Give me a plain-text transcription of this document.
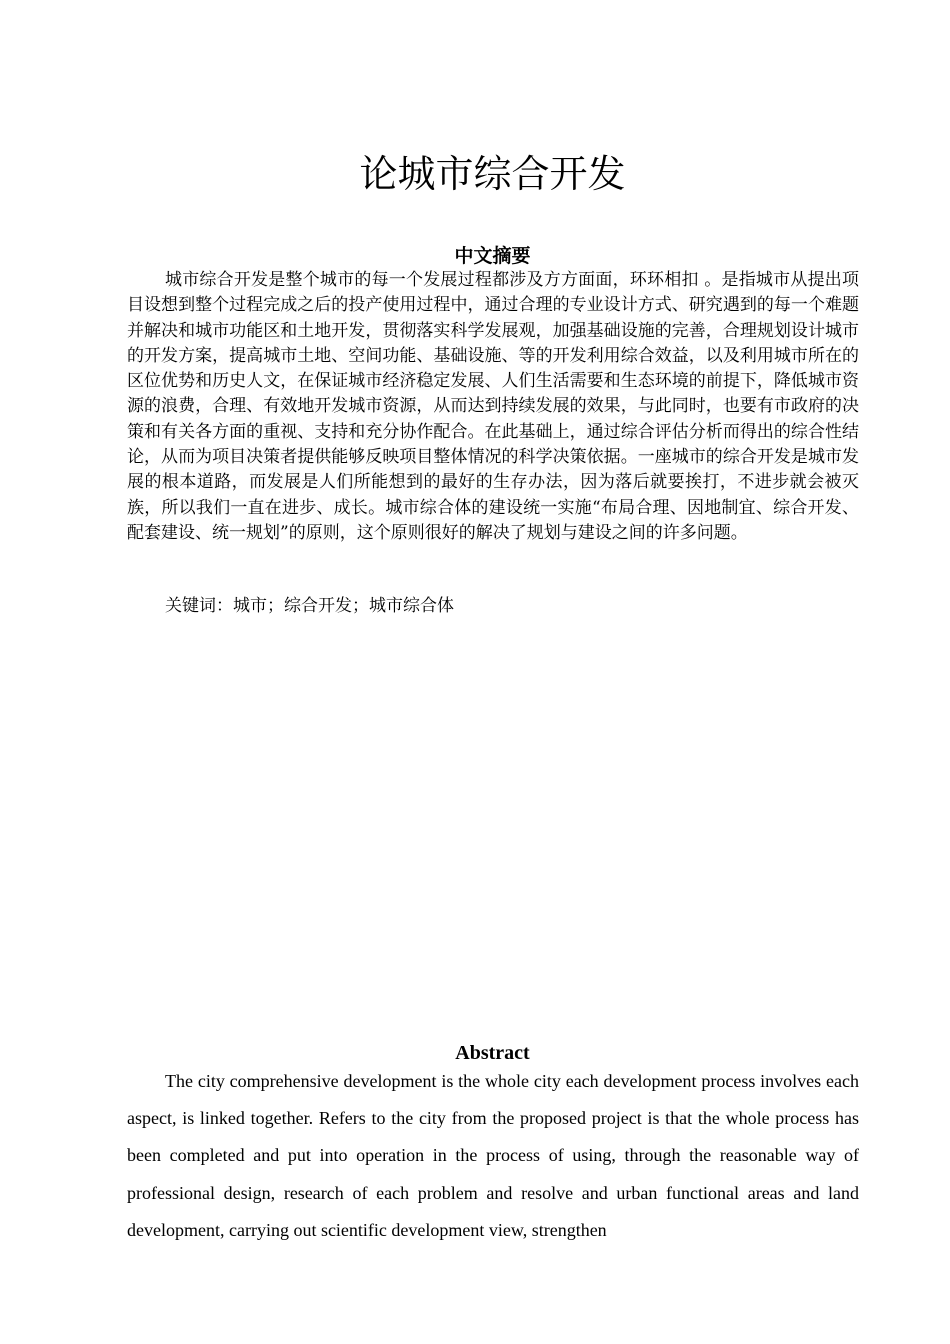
论城市综合开发
中文摘要

城市综合开发是整个城市的每一个发展过程都涉及方方面面，环环相扣 。是指城市从提出项目设想到整个过程完成之后的投产使用过程中，通过合理的专业设计方式、研究遇到的每一个难题并解决和城市功能区和土地开发，贯彻落实科学发展观，加强基础设施的完善，合理规划设计城市的开发方案，提高城市土地、空间功能、基础设施、等的开发利用综合效益，以及利用城市所在的区位优势和历史人文，在保证城市经济稳定发展、人们生活需要和生态环境的前提下，降低城市资源的浪费，合理、有效地开发城市资源，从而达到持续发展的效果，与此同时，也要有市政府的决策和有关各方面的重视、支持和充分协作配合。在此基础上，通过综合评估分析而得出的综合性结论，从而为项目决策者提供能够反映项目整体情况的科学决策依据。一座城市的综合开发是城市发展的根本道路，而发展是人们所能想到的最好的生存办法，因为落后就要挨打，不进步就会被灭族，所以我们一直在进步、成长。城市综合体的建设统一实施“布局合理、因地制宜、综合开发、配套建设、统一规划”的原则，这个原则很好的解决了规划与建设之间的许多问题。

关键词：城市；综合开发；城市综合体

Abstract

The city comprehensive development is the whole city each development process involves each aspect, is linked together. Refers to the city from the proposed project is that the whole process has been completed and put into operation in the process of using, through the reasonable way of professional design, research of each problem and resolve and urban functional areas and land development, carrying out scientific development view, strengthen
